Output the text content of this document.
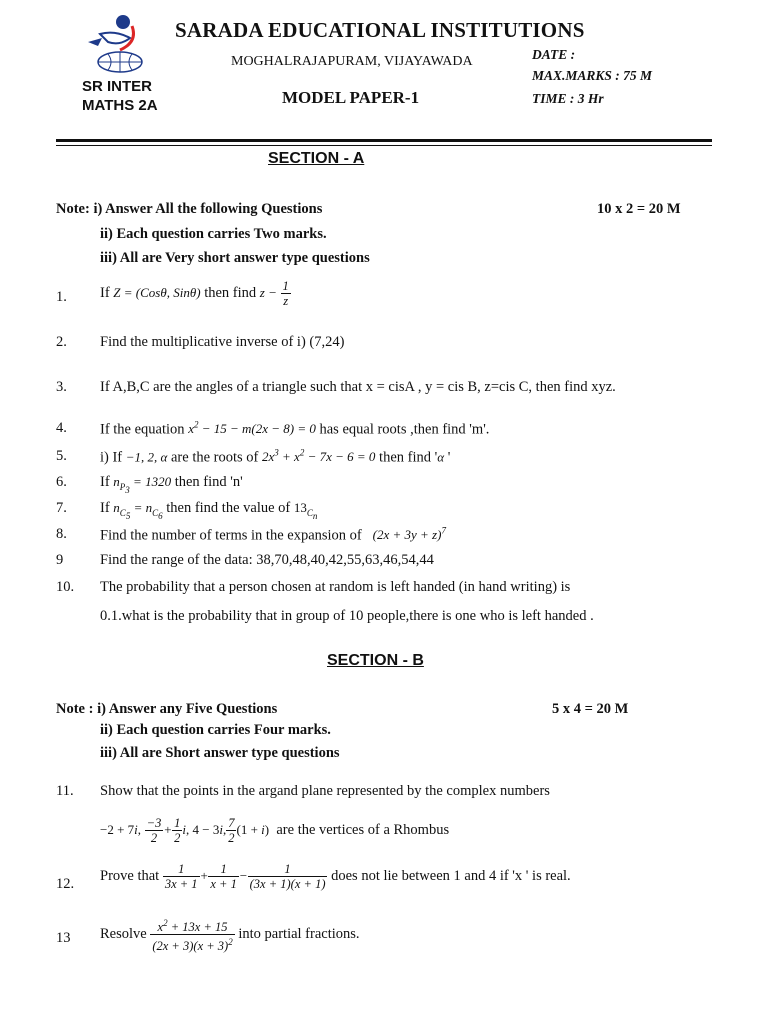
SARADA EDUCATIONAL INSTITUTIONS
MOGHALRAJAPURAM, VIJAYAWADA
MODEL PAPER-1
SR INTER
MATHS 2A
DATE :
MAX.MARKS : 75 M
TIME : 3 Hr
SECTION - A
Note: i) Answer All the following Questions	10 x 2 = 20 M
ii) Each question carries Two marks.
iii) All are Very short answer type questions
1. If Z = (Cosθ, Sinθ) then find $z - \frac{1}{z}$
2. Find the multiplicative inverse of i) (7,24)
3. If A,B,C are the angles of a triangle such that x = cisA , y = cis B, z=cis C, then find xyz.
4. If the equation $x^2 - 15 - m(2x - 8) = 0$ has equal roots ,then find 'm'.
5. i) If −1, 2, α are the roots of $2x^3 + x^2 - 7x - 6 = 0$ then find 'α '
6. If $n_{P_3} = 1320$ then find 'n'
7. If $n_{C_5} = n_{C_6}$ then find the value of $13_{C_n}$
8. Find the number of terms in the expansion of $(2x + 3y + z)^7$
9	Find the range of the data: 38,70,48,40,42,55,63,46,54,44
10. The probability that a person chosen at random is left handed (in hand writing) is
0.1.what is the probability that in group of 10 people,there is one who is left handed .
SECTION - B
Note : i) Answer any Five Questions	5 x 4 = 20 M
ii) Each question carries Four marks.
iii) All are Short answer type questions
11. Show that the points in the argand plane represented by the complex numbers
−2 + 7i, $\frac{-3}{2} + \frac{1}{2} i$, 4 − 3i, $\frac{7}{2} (1 + i)$ are the vertices of a Rhombus
12.
Prove that $\frac{1}{3x + 1} + \frac{1}{x + 1} - \frac{1}{(3x + 1)(x + 1)}$ does not lie between 1 and 4 if 'x ' is real.
13 Resolve $\frac{x^2 + 13x + 15}{(2x + 3)(x + 3)^2}$ into partial fractions.
